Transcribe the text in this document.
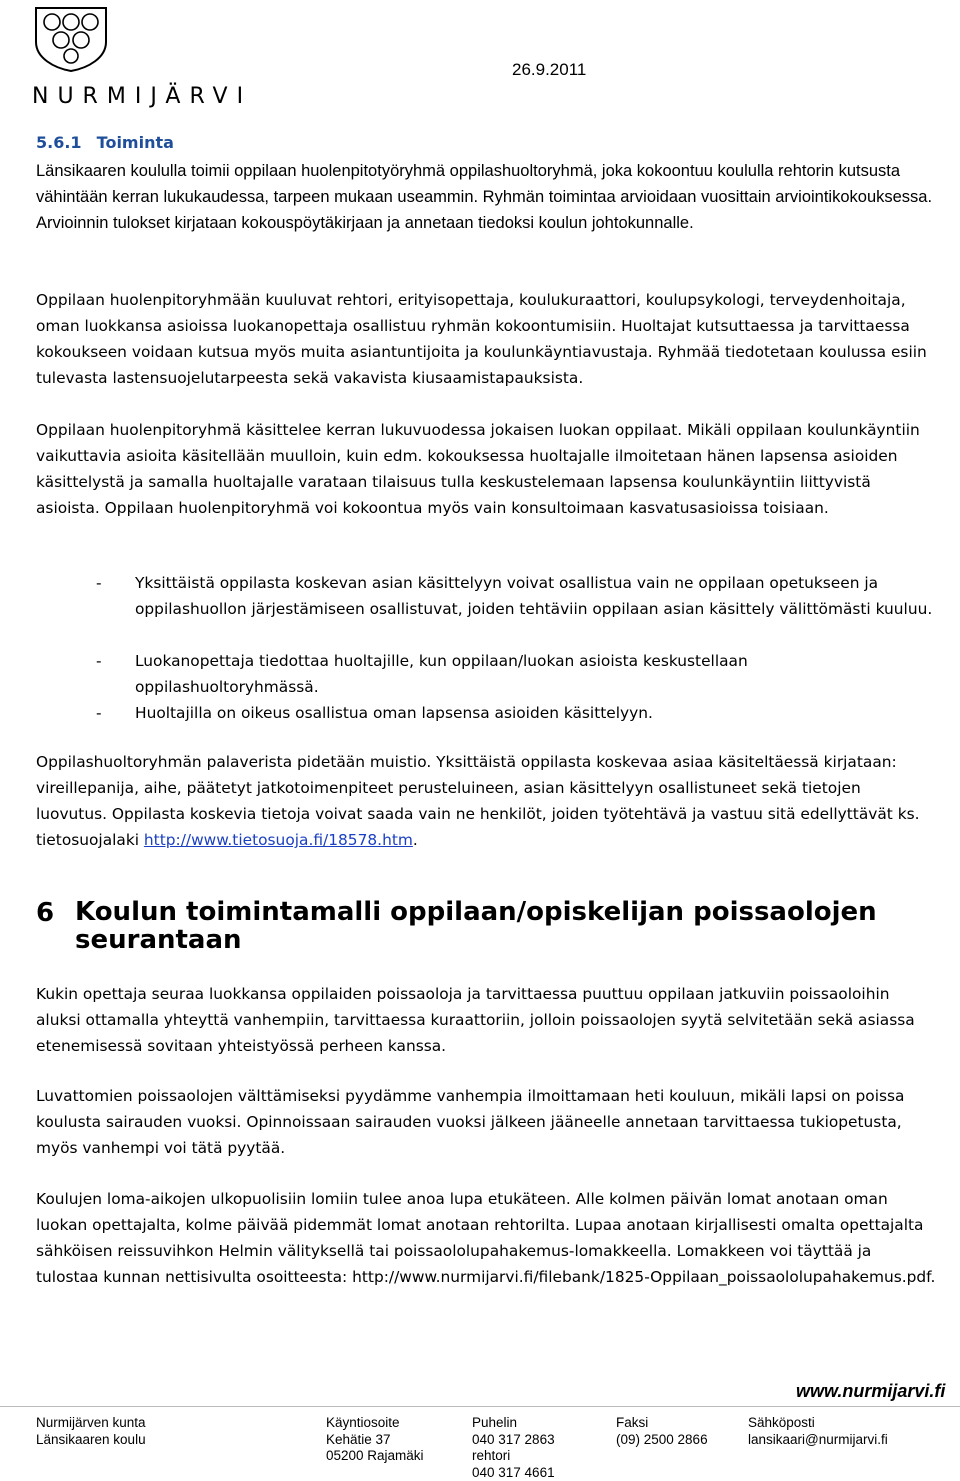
NURMIJÄRVI
26.9.2011
5.6.1 Toiminta
Länsikaaren koululla toimii oppilaan huolenpitotyöryhmä oppilashuoltoryhmä, joka kokoontuu koululla rehtorin kutsusta vähintään kerran lukukaudessa, tarpeen mukaan useammin. Ryhmän toimintaa arvioidaan vuosittain arviointikokouksessa. Arvioinnin tulokset kirjataan kokouspöytäkirjaan ja annetaan tiedoksi koulun johtokunnalle.
Oppilaan huolenpitoryhmään kuuluvat rehtori, erityisopettaja, koulukuraattori, koulupsykologi, terveydenhoitaja, oman luokkansa asioissa luokanopettaja osallistuu ryhmän kokoontumisiin. Huoltajat kutsuttaessa ja tarvittaessa kokoukseen voidaan kutsua myös muita asiantuntijoita ja koulunkäyntiavustaja. Ryhmää tiedotetaan koulussa esiin tulevasta lastensuojelutarpeesta sekä vakavista kiusaamistapauksista.
Oppilaan huolenpitoryhmä käsittelee kerran lukuvuodessa jokaisen luokan oppilaat. Mikäli oppilaan koulunkäyntiin vaikuttavia asioita käsitellään muulloin, kuin edm. kokouksessa huoltajalle ilmoitetaan hänen lapsensa asioiden käsittelystä ja samalla huoltajalle varataan tilaisuus tulla keskustelemaan lapsensa koulunkäyntiin liittyvistä asioista. Oppilaan huolenpitoryhmä voi kokoontua myös vain konsultoimaan kasvatusasioissa toisiaan.
- Yksittäistä oppilasta koskevan asian käsittelyyn voivat osallistua vain ne oppilaan opetukseen ja oppilashuollon järjestämiseen osallistuvat, joiden tehtäviin oppilaan asian käsittely välittömästi kuuluu.
- Luokanopettaja tiedottaa huoltajille, kun oppilaan/luokan asioista keskustellaan oppilashuoltoryhmässä.
- Huoltajilla on oikeus osallistua oman lapsensa asioiden käsittelyyn.
Oppilashuoltoryhmän palaverista pidetään muistio. Yksittäistä oppilasta koskevaa asiaa käsiteltäessä kirjataan: vireillepanija, aihe, päätetyt jatkotoimenpiteet perusteluineen, asian käsittelyyn osallistuneet sekä tietojen luovutus. Oppilasta koskevia tietoja voivat saada vain ne henkilöt, joiden työtehtävä ja vastuu sitä edellyttävät ks. tietosuojalaki http://www.tietosuoja.fi/18578.htm.
6 Koulun toimintamalli oppilaan/opiskelijan poissaolojen seurantaan
Kukin opettaja seuraa luokkansa oppilaiden poissaoloja ja tarvittaessa puuttuu oppilaan jatkuviin poissaoloihin aluksi ottamalla yhteyttä vanhempiin, tarvittaessa kuraattoriin, jolloin poissaolojen syytä selvitetään sekä asiassa etenemisessä sovitaan yhteistyössä perheen kanssa.
Luvattomien poissaolojen välttämiseksi pyydämme vanhempia ilmoittamaan heti kouluun, mikäli lapsi on poissa koulusta sairauden vuoksi. Opinnoissaan sairauden vuoksi jälkeen jääneelle annetaan tarvittaessa tukiopetusta, myös vanhempi voi tätä pyytää.
Koulujen loma-aikojen ulkopuolisiin lomiin tulee anoa lupa etukäteen. Alle kolmen päivän lomat anotaan oman luokan opettajalta, kolme päivää pidemmät lomat anotaan rehtorilta. Lupaa anotaan kirjallisesti omalta opettajalta sähköisen reissuvihkon Helmin välityksellä tai poissaololupahakemus-lomakkeella. Lomakkeen voi täyttää ja tulostaa kunnan nettisivulta osoitteesta: http://www.nurmijarvi.fi/filebank/1825-Oppilaan_poissaololupahakemus.pdf.
www.nurmijarvi.fi
Nurmijärven kunta
Länsikaaren koulu
Käyntiosoite
Kehätie 37
05200 Rajamäki
Puhelin
040 317 2863
rehtori
040 317 4661
Faksi
(09) 2500 2866
Sähköposti
lansikaari@nurmijarvi.fi
